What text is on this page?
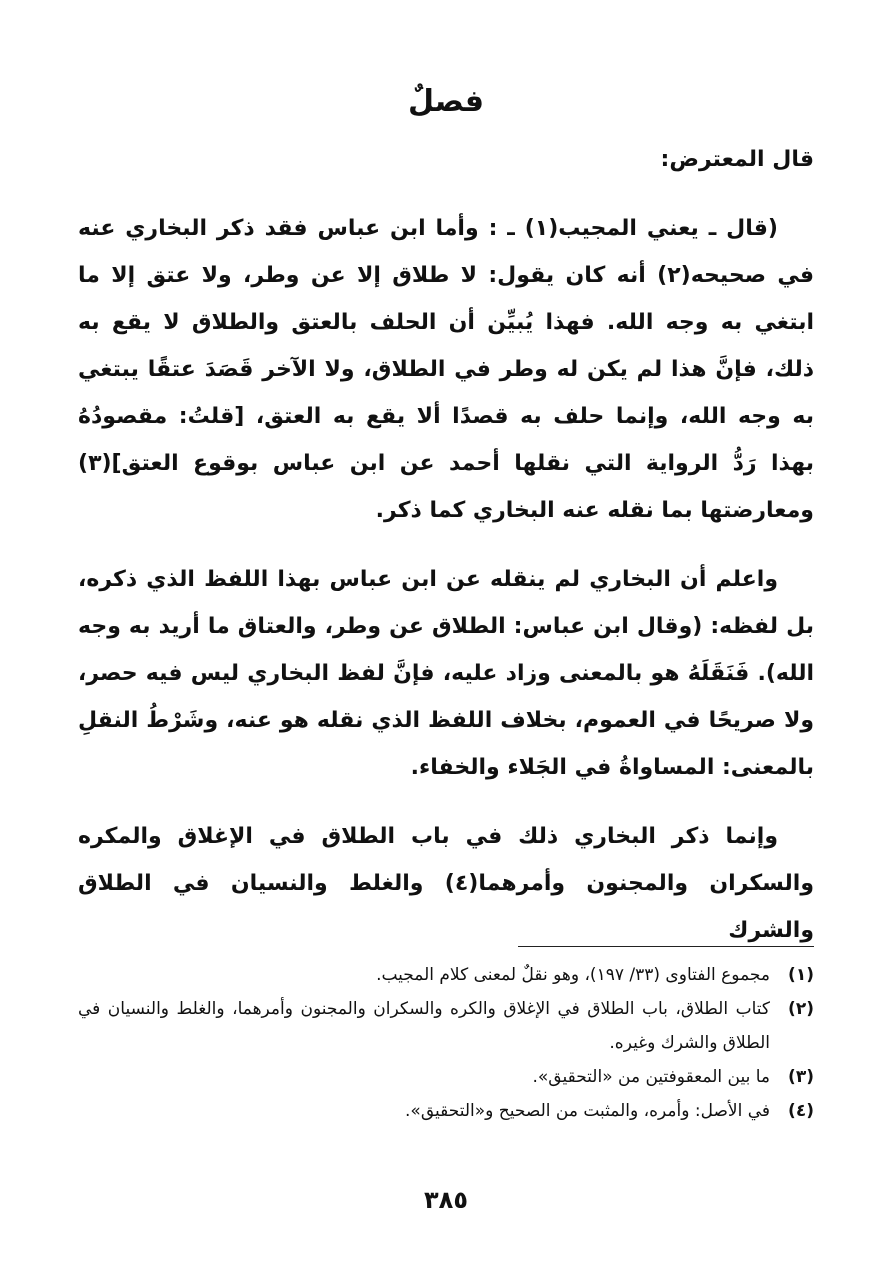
فصلٌ
قال المعترض:

(قال ـ يعني المجيب(١) ـ : وأما ابن عباس فقد ذكر البخاري عنه في صحيحه(٢) أنه كان يقول: لا طلاق إلا عن وطر، ولا عتق إلا ما ابتغي به وجه الله. فهذا يُبيِّن أن الحلف بالعتق والطلاق لا يقع به ذلك، فإنَّ هذا لم يكن له وطر في الطلاق، ولا الآخر قَصَدَ عتقًا يبتغي به وجه الله، وإنما حلف به قصدًا ألا يقع به العتق، [قلتُ: مقصودُهُ بهذا رَدُّ الرواية التي نقلها أحمد عن ابن عباس بوقوع العتق](٣) ومعارضتها بما نقله عنه البخاري كما ذكر.

واعلم أن البخاري لم ينقله عن ابن عباس بهذا اللفظ الذي ذكره، بل لفظه: (وقال ابن عباس: الطلاق عن وطر، والعتاق ما أريد به وجه الله). فَنَقَلَهُ هو بالمعنى وزاد عليه، فإنَّ لفظ البخاري ليس فيه حصر، ولا صريحًا في العموم، بخلاف اللفظ الذي نقله هو عنه، وشَرْطُ النقلِ بالمعنى: المساواةُ في الجَلاء والخفاء.

وإنما ذكر البخاري ذلك في باب الطلاق في الإغلاق والمكره والسكران والمجنون وأمرهما(٤) والغلط والنسيان في الطلاق والشرك

(١)
مجموع الفتاوى (٣٣/ ١٩٧)، وهو نقلٌ لمعنى كلام المجيب.
(٢)
كتاب الطلاق، باب الطلاق في الإغلاق والكره والسكران والمجنون وأمرهما، والغلط والنسيان في الطلاق والشرك وغيره.
(٣)
ما بين المعقوفتين من «التحقيق».
(٤)
في الأصل: وأمره، والمثبت من الصحيح و«التحقيق».
٣٨٥
